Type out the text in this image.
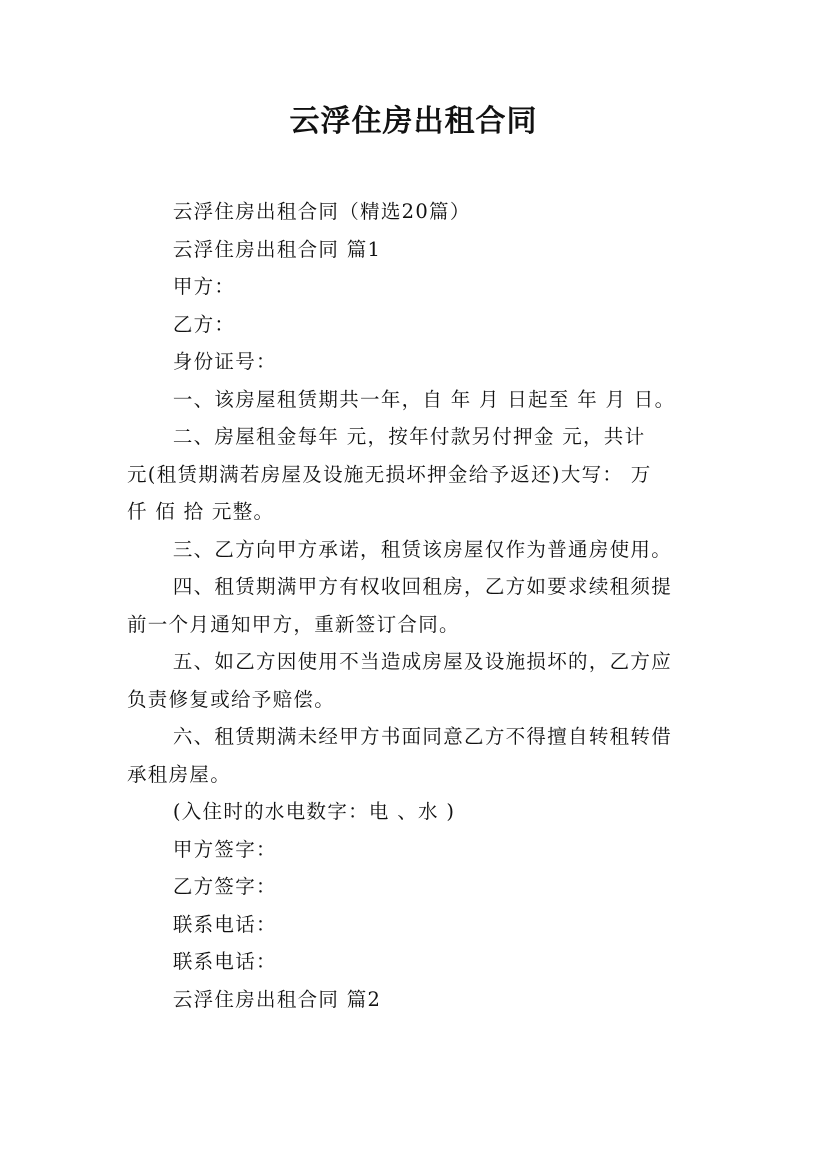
云浮住房出租合同
云浮住房出租合同（精选20篇）
云浮住房出租合同 篇1
甲方：
乙方：
身份证号：
一、该房屋租赁期共一年，自 年 月 日起至 年 月 日。
二、房屋租金每年 元，按年付款另付押金 元，共计
元(租赁期满若房屋及设施无损坏押金给予返还)大写： 万
仟 佰 拾 元整。
三、乙方向甲方承诺，租赁该房屋仅作为普通房使用。
四、租赁期满甲方有权收回租房，乙方如要求续租须提
前一个月通知甲方，重新签订合同。
五、如乙方因使用不当造成房屋及设施损坏的，乙方应
负责修复或给予赔偿。
六、租赁期满未经甲方书面同意乙方不得擅自转租转借
承租房屋。
(入住时的水电数字：电 、水 )
甲方签字：
乙方签字：
联系电话：
联系电话：
云浮住房出租合同 篇2
